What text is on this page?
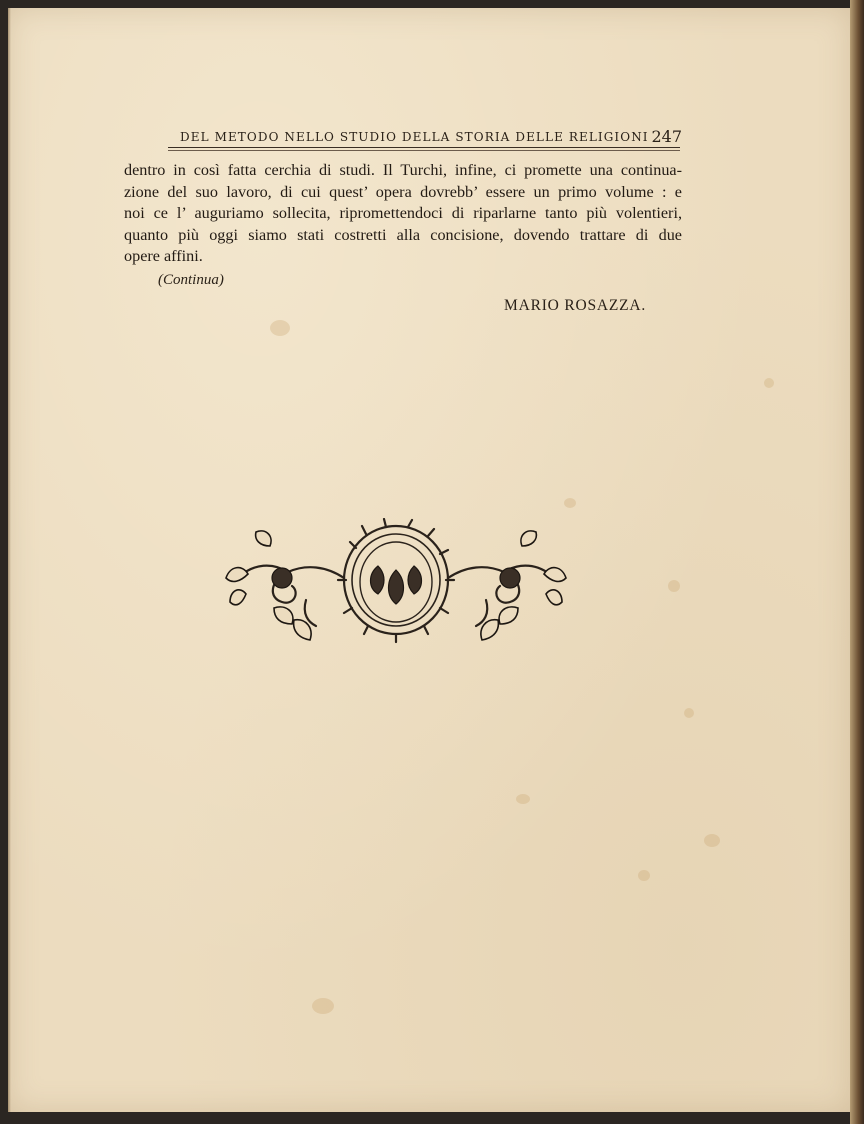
DEL METODO NELLO STUDIO DELLA STORIA DELLE RELIGIONI 247
dentro in così fatta cerchia di studi. Il Turchi, infine, ci promette una continua-
zione del suo lavoro, di cui quest’ opera dovrebb’ essere un primo volume : e
noi ce l’ auguriamo sollecita, ripromettendoci di riparlarne tanto più volentieri,
quanto più oggi siamo stati costretti alla concisione, dovendo trattare di due
opere affini.
(Continua)
MARIO ROSAZZA.
